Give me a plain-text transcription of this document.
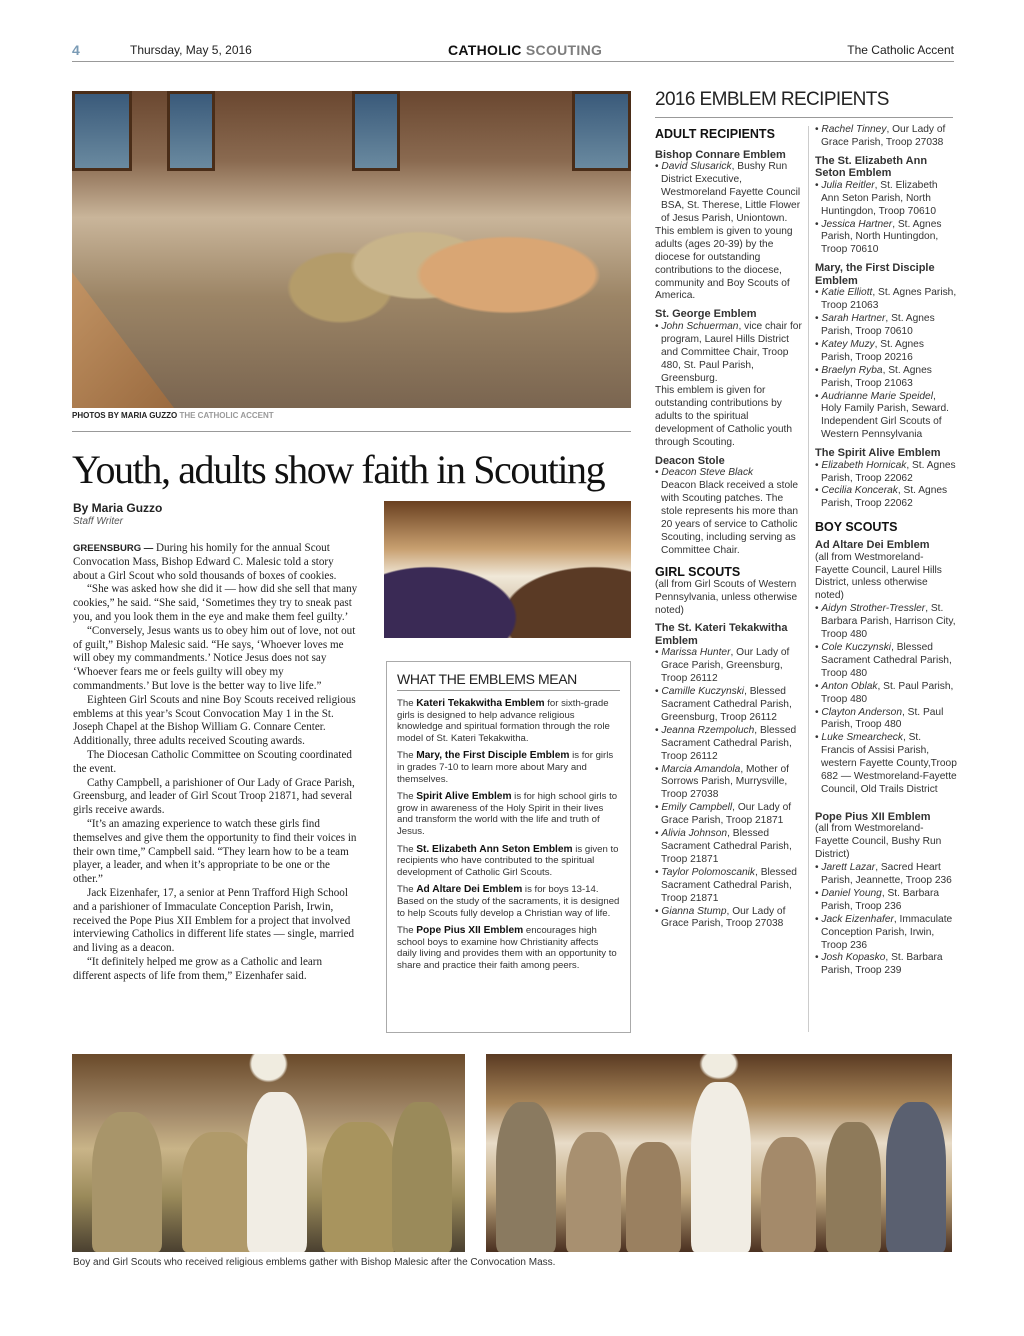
4	Thursday, May 5, 2016	CATHOLIC SCOUTING	The Catholic Accent
PHOTOS BY MARIA GUZZO THE CATHOLIC ACCENT
Youth, adults show faith in Scouting
By Maria Guzzo
Staff Writer

GREENSBURG — During his homily for the annual Scout Convocation Mass, Bishop Edward C. Malesic told a story about a Girl Scout who sold thousands of boxes of cookies.

“She was asked how she did it — how did she sell that many cookies,” he said. “She said, ‘Sometimes they try to sneak past you, and you look them in the eye and make them feel guilty.’

“Conversely, Jesus wants us to obey him out of love, not out of guilt,” Bishop Malesic said. “He says, ‘Whoever loves me will obey my commandments.’ Notice Jesus does not say ‘Whoever fears me or feels guilty will obey my commandments.’ But love is the better way to live life.”

Eighteen Girl Scouts and nine Boy Scouts received religious emblems at this year’s Scout Convocation May 1 in the St. Joseph Chapel at the Bishop William G. Connare Center. Additionally, three adults received Scouting awards.

The Diocesan Catholic Committee on Scouting coordinated the event.

Cathy Campbell, a parishioner of Our Lady of Grace Parish, Greensburg, and leader of Girl Scout Troop 21871, had several girls receive awards.

“It’s an amazing experience to watch these girls find themselves and give them the opportunity to find their voices in their own time,” Campbell said. “They learn how to be a team player, a leader, and when it’s appropriate to be one or the other.”

Jack Eizenhafer, 17, a senior at Penn Trafford High School and a parishioner of Immaculate Conception Parish, Irwin, received the Pope Pius XII Emblem for a project that involved interviewing Catholics in different life states — single, married and living as a deacon.

“It definitely helped me grow as a Catholic and learn different aspects of life from them,” Eizenhafer said.

WHAT THE EMBLEMS MEAN

The Kateri Tekakwitha Emblem for sixth-grade girls is designed to help advance religious knowledge and spiritual formation through the role model of St. Kateri Tekakwitha.

The Mary, the First Disciple Emblem is for girls in grades 7-10 to learn more about Mary and themselves.

The Spirit Alive Emblem is for high school girls to grow in awareness of the Holy Spirit in their lives and transform the world with the life and truth of Jesus.

The St. Elizabeth Ann Seton Emblem is given to recipients who have contributed to the spiritual development of Catholic Girl Scouts.

The Ad Altare Dei Emblem is for boys 13-14. Based on the study of the sacraments, it is designed to help Scouts fully develop a Christian way of life.

The Pope Pius XII Emblem encourages high school boys to examine how Christianity affects daily living and provides them with an opportunity to share and practice their faith among peers.

2016 EMBLEM RECIPIENTS
ADULT RECIPIENTS
Bishop Connare Emblem
• David Slusarick, Bushy Run District Executive, Westmoreland Fayette Council BSA, St. Therese, Little Flower of Jesus Parish, Uniontown.
This emblem is given to young adults (ages 20-39) by the diocese for outstanding contributions to the diocese, community and Boy Scouts of America.
St. George Emblem
• John Schuerman, vice chair for program, Laurel Hills District and Committee Chair, Troop 480, St. Paul Parish, Greensburg.
This emblem is given for outstanding contributions by adults to the spiritual development of Catholic youth through Scouting.
Deacon Stole
• Deacon Steve Black
Deacon Black received a stole with Scouting patches. The stole represents his more than 20 years of service to Catholic Scouting, including serving as Committee Chair.
GIRL SCOUTS
(all from Girl Scouts of Western Pennsylvania, unless otherwise noted)
The St. Kateri Tekakwitha Emblem
• Marissa Hunter, Our Lady of Grace Parish, Greensburg, Troop 26112
• Camille Kuczynski, Blessed Sacrament Cathedral Parish, Greensburg, Troop 26112
• Jeanna Rzempoluch, Blessed Sacrament Cathedral Parish, Troop 26112
• Marcia Amandola, Mother of Sorrows Parish, Murrysville, Troop 27038
• Emily Campbell, Our Lady of Grace Parish, Troop 21871
• Alivia Johnson, Blessed Sacrament Cathedral Parish, Troop 21871
• Taylor Polomoscanik, Blessed Sacrament Cathedral Parish, Troop 21871
• Gianna Stump, Our Lady of Grace Parish, Troop 27038
• Rachel Tinney, Our Lady of Grace Parish, Troop 27038
The St. Elizabeth Ann Seton Emblem
• Julia Reitler, St. Elizabeth Ann Seton Parish, North Huntingdon, Troop 70610
• Jessica Hartner, St. Agnes Parish, North Huntingdon, Troop 70610
Mary, the First Disciple Emblem
• Katie Elliott, St. Agnes Parish, Troop 21063
• Sarah Hartner, St. Agnes Parish, Troop 70610
• Katey Muzy, St. Agnes Parish, Troop 20216
• Braelyn Ryba, St. Agnes Parish, Troop 21063
• Audrianne Marie Speidel, Holy Family Parish, Seward. Independent Girl Scouts of Western Pennsylvania
The Spirit Alive Emblem
• Elizabeth Hornicak, St. Agnes Parish, Troop 22062
• Cecilia Koncerak, St. Agnes Parish, Troop 22062
BOY SCOUTS
Ad Altare Dei Emblem
(all from Westmoreland-Fayette Council, Laurel Hills District, unless otherwise noted)
• Aidyn Strother-Tressler, St. Barbara Parish, Harrison City, Troop 480
• Cole Kuczynski, Blessed Sacrament Cathedral Parish, Troop 480
• Anton Oblak, St. Paul Parish, Troop 480
• Clayton Anderson, St. Paul Parish, Troop 480
• Luke Smearcheck, St. Francis of Assisi Parish, western Fayette County,Troop 682 — Westmoreland-Fayette Council, Old Trails District
Pope Pius XII Emblem
(all from Westmoreland-Fayette Council, Bushy Run District)
• Jarett Lazar, Sacred Heart Parish, Jeannette, Troop 236
• Daniel Young, St. Barbara Parish, Troop 236
• Jack Eizenhafer, Immaculate Conception Parish, Irwin, Troop 236
• Josh Kopasko, St. Barbara Parish, Troop 239
Boy and Girl Scouts who received religious emblems gather with Bishop Malesic after the Convocation Mass.
